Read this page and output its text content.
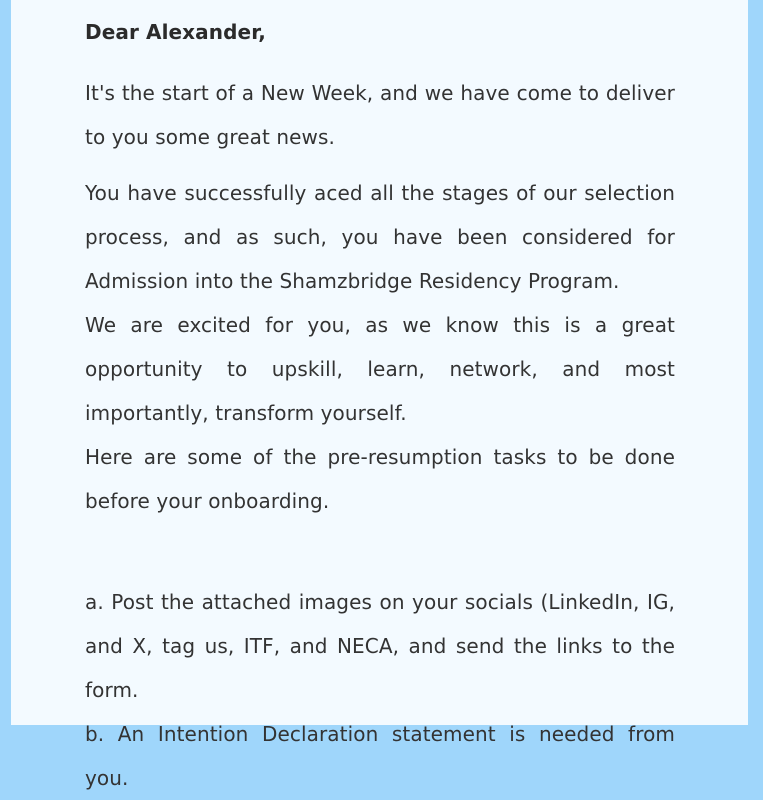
Dear Alexander,

It's the start of a New Week, and we have come to deliver to you some great news.

You have successfully aced all the stages of our selection process, and as such, you have been considered for Admission into the Shamzbridge Residency Program.

We are excited for you, as we know this is a great opportunity to upskill, learn, network, and most importantly, transform yourself.

Here are some of the pre-resumption tasks to be done before your onboarding.

a. Post the attached images on your socials (LinkedIn, IG, and X, tag us, ITF, and NECA, and send the links to the form.

b. An Intention Declaration statement is needed from you.
